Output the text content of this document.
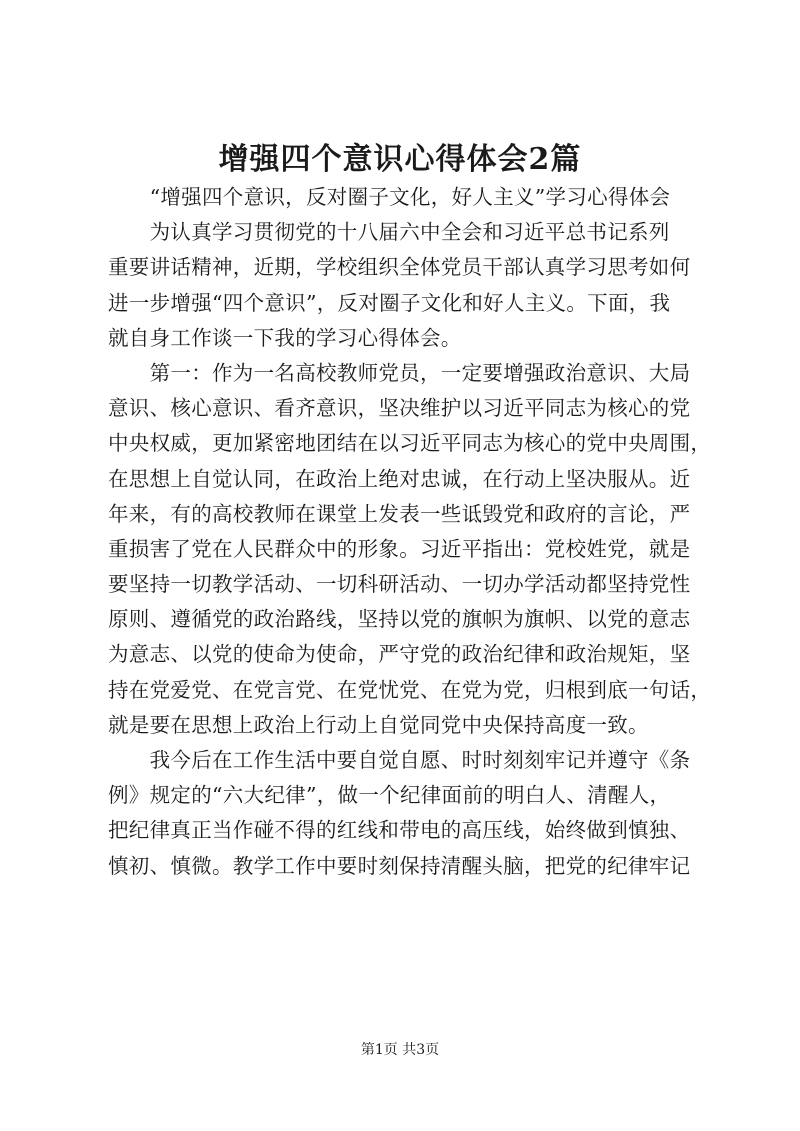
增强四个意识心得体会2篇
　　“增强四个意识，反对圈子文化，好人主义”学习心得体会
　　为认真学习贯彻党的十八届六中全会和习近平总书记系列
重要讲话精神，近期，学校组织全体党员干部认真学习思考如何
进一步增强“四个意识”，反对圈子文化和好人主义。下面，我
就自身工作谈一下我的学习心得体会。
　　第一：作为一名高校教师党员，一定要增强政治意识、大局
意识、核心意识、看齐意识，坚决维护以习近平同志为核心的党
中央权威，更加紧密地团结在以习近平同志为核心的党中央周围，
在思想上自觉认同，在政治上绝对忠诚，在行动上坚决服从。近
年来，有的高校教师在课堂上发表一些诋毁党和政府的言论，严
重损害了党在人民群众中的形象。习近平指出：党校姓党，就是
要坚持一切教学活动、一切科研活动、一切办学活动都坚持党性
原则、遵循党的政治路线，坚持以党的旗帜为旗帜、以党的意志
为意志、以党的使命为使命，严守党的政治纪律和政治规矩，坚
持在党爱党、在党言党、在党忧党、在党为党，归根到底一句话，
就是要在思想上政治上行动上自觉同党中央保持高度一致。
　　我今后在工作生活中要自觉自愿、时时刻刻牢记并遵守《条
例》规定的“六大纪律”，做一个纪律面前的明白人、清醒人，
把纪律真正当作碰不得的红线和带电的高压线，始终做到慎独、
慎初、慎微。教学工作中要时刻保持清醒头脑，把党的纪律牢记
第1页 共3页
